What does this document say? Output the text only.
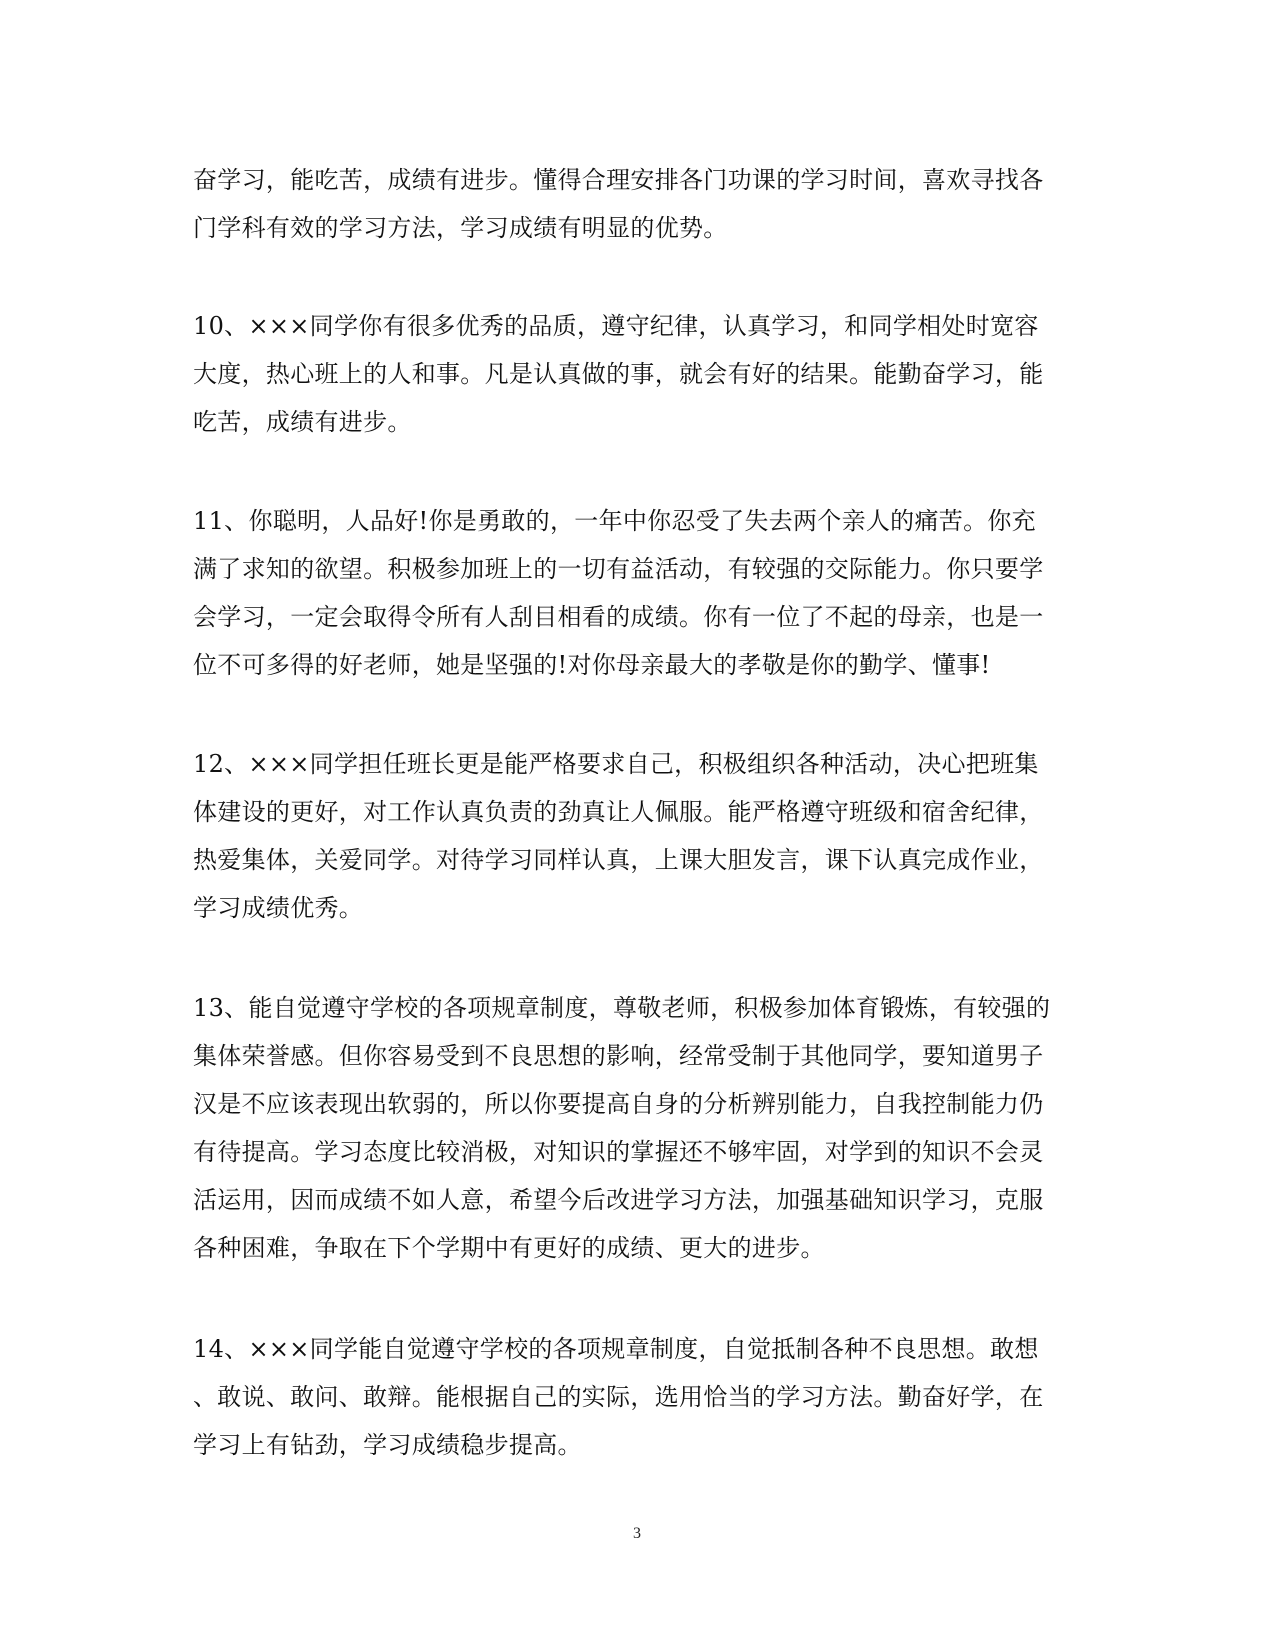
奋学习，能吃苦，成绩有进步。懂得合理安排各门功课的学习时间，喜欢寻找各
门学科有效的学习方法，学习成绩有明显的优势。

10、×××同学你有很多优秀的品质，遵守纪律，认真学习，和同学相处时宽容
大度，热心班上的人和事。凡是认真做的事，就会有好的结果。能勤奋学习，能
吃苦，成绩有进步。

11、你聪明，人品好!你是勇敢的，一年中你忍受了失去两个亲人的痛苦。你充
满了求知的欲望。积极参加班上的一切有益活动，有较强的交际能力。你只要学
会学习，一定会取得令所有人刮目相看的成绩。你有一位了不起的母亲，也是一
位不可多得的好老师，她是坚强的!对你母亲最大的孝敬是你的勤学、懂事!

12、×××同学担任班长更是能严格要求自己，积极组织各种活动，决心把班集
体建设的更好，对工作认真负责的劲真让人佩服。能严格遵守班级和宿舍纪律，
热爱集体，关爱同学。对待学习同样认真，上课大胆发言，课下认真完成作业，
学习成绩优秀。

13、能自觉遵守学校的各项规章制度，尊敬老师，积极参加体育锻炼，有较强的
集体荣誉感。但你容易受到不良思想的影响，经常受制于其他同学，要知道男子
汉是不应该表现出软弱的，所以你要提高自身的分析辨别能力，自我控制能力仍
有待提高。学习态度比较消极，对知识的掌握还不够牢固，对学到的知识不会灵
活运用，因而成绩不如人意，希望今后改进学习方法，加强基础知识学习，克服
各种困难，争取在下个学期中有更好的成绩、更大的进步。

14、×××同学能自觉遵守学校的各项规章制度，自觉抵制各种不良思想。敢想
、敢说、敢问、敢辩。能根据自己的实际，选用恰当的学习方法。勤奋好学，在
学习上有钻劲，学习成绩稳步提高。

3
